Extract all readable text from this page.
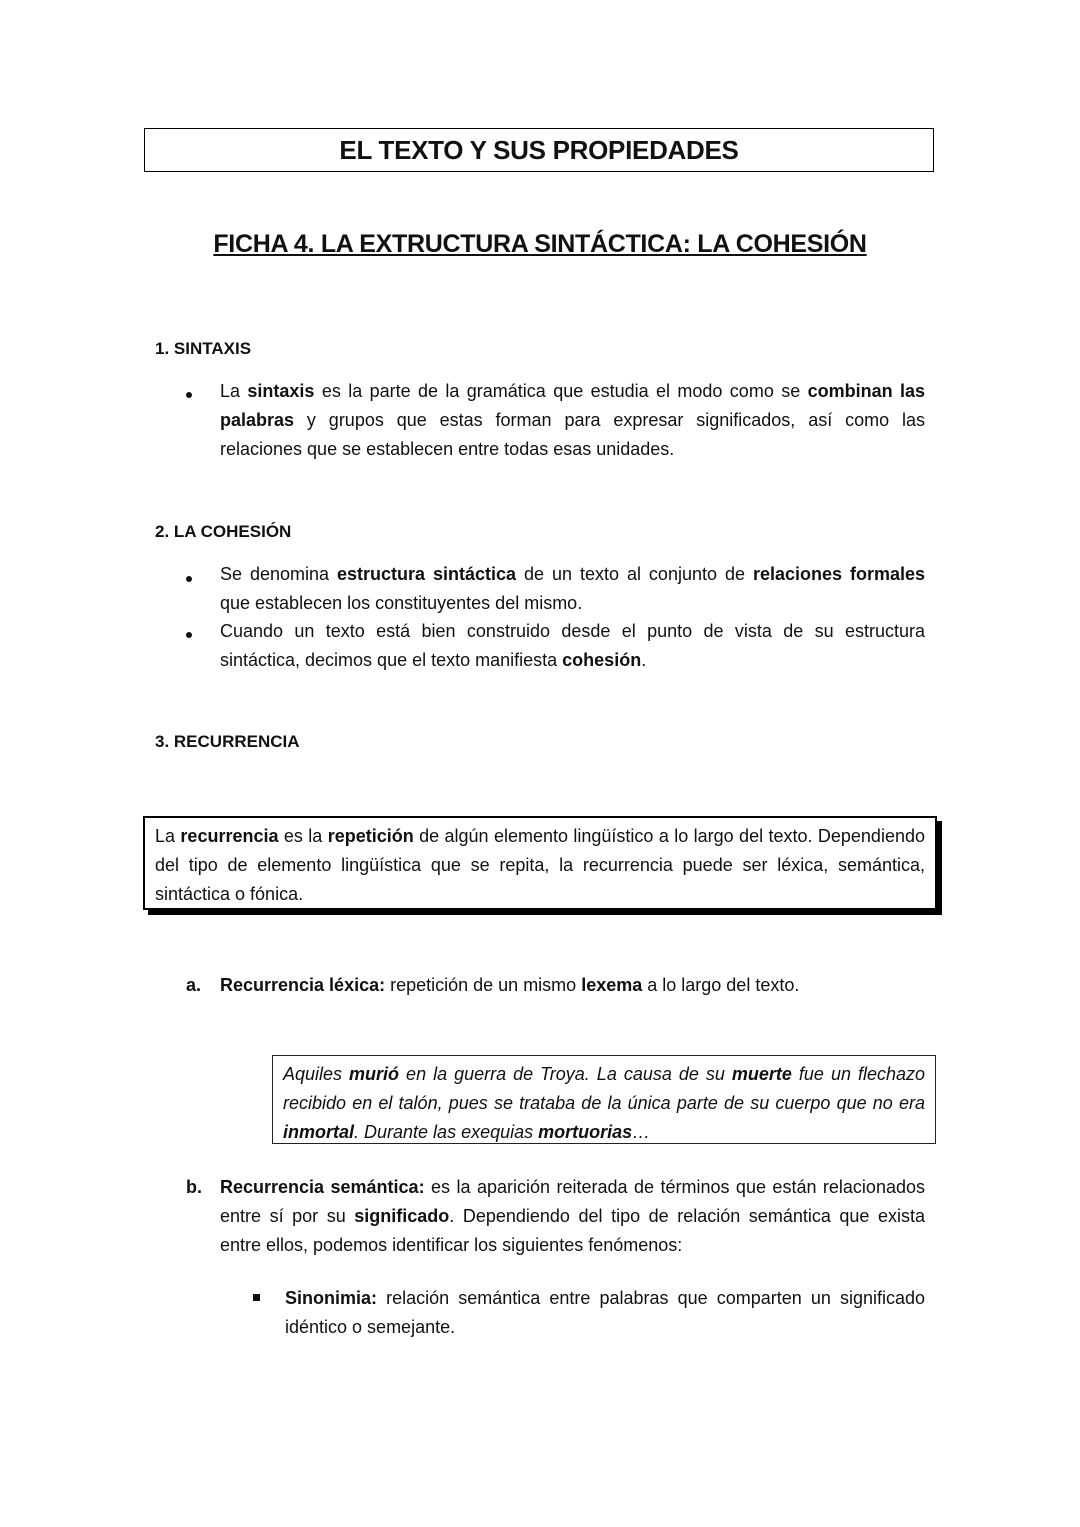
EL TEXTO Y SUS PROPIEDADES
FICHA 4. LA EXTRUCTURA SINTÁCTICA: LA COHESIÓN
1. SINTAXIS
La sintaxis es la parte de la gramática que estudia el modo como se combinan las palabras y grupos que estas forman para expresar significados, así como las relaciones que se establecen entre todas esas unidades.
2. LA COHESIÓN
Se denomina estructura sintáctica de un texto al conjunto de relaciones formales que establecen los constituyentes del mismo.
Cuando un texto está bien construido desde el punto de vista de su estructura sintáctica, decimos que el texto manifiesta cohesión.
3. RECURRENCIA

La recurrencia es la repetición de algún elemento lingüístico a lo largo del texto. Dependiendo del tipo de elemento lingüística que se repita, la recurrencia puede ser léxica, semántica, sintáctica o fónica.

a. Recurrencia léxica: repetición de un mismo lexema a lo largo del texto.

Aquiles murió en la guerra de Troya. La causa de su muerte fue un flechazo recibido en el talón, pues se trataba de la única parte de su cuerpo que no era inmortal. Durante las exequias mortuorias…

b. Recurrencia semántica: es la aparición reiterada de términos que están relacionados entre sí por su significado. Dependiendo del tipo de relación semántica que exista entre ellos, podemos identificar los siguientes fenómenos:
Sinonimia: relación semántica entre palabras que comparten un significado idéntico o semejante.
